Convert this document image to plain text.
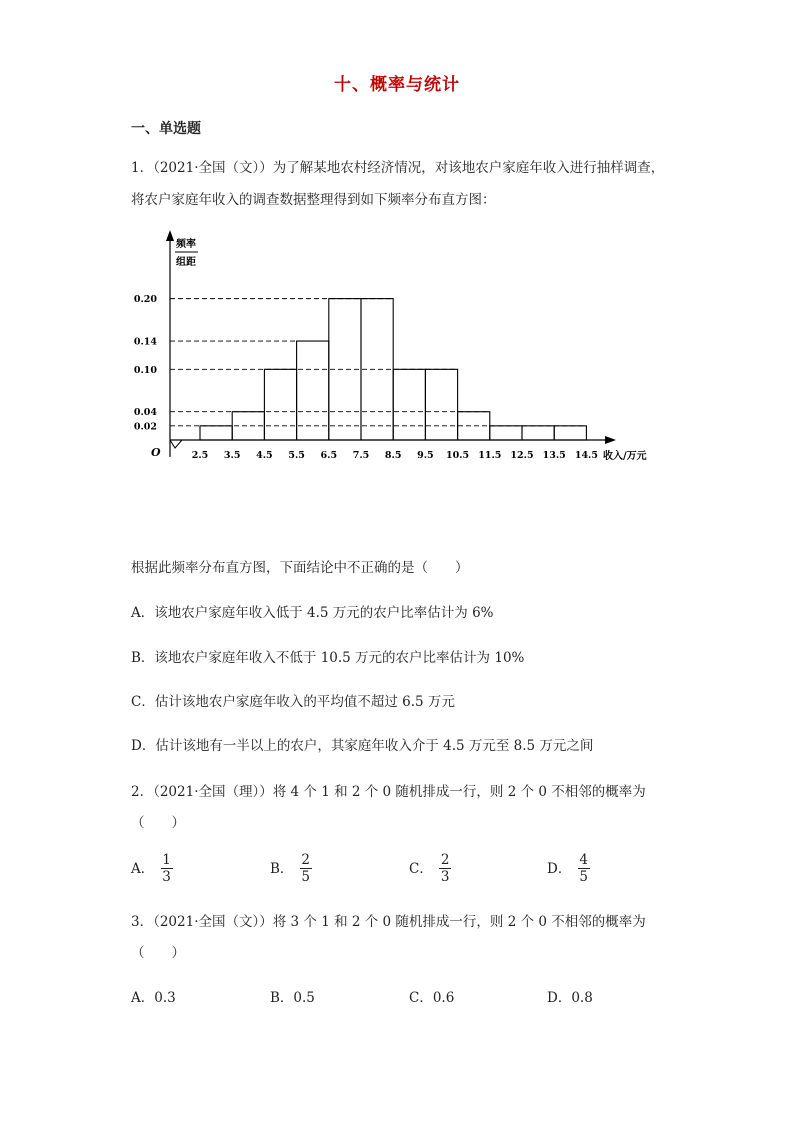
十、概率与统计
一、单选题
1．（2021·全国（文））为了解某地农村经济情况，对该地农户家庭年收入进行抽样调查，
将农户家庭年收入的调查数据整理得到如下频率分布直方图：
频率
组距
O	收入/万元
0.20
0.14
0.10
0.04
0.02
2.5 3.5 4.5 5.5 6.5 7.5 8.5 9.5 10.5 11.5 12.5 13.5 14.5
根据此频率分布直方图，下面结论中不正确的是（　　）
A．该地农户家庭年收入低于 4.5 万元的农户比率估计为 6%
B．该地农户家庭年收入不低于 10.5 万元的农户比率估计为 10%
C．估计该地农户家庭年收入的平均值不超过 6.5 万元
D．估计该地有一半以上的农户，其家庭年收入介于 4.5 万元至 8.5 万元之间
2．（2021·全国（理））将 4 个 1 和 2 个 0 随机排成一行，则 2 个 0 不相邻的概率为
（　　）
A． $\frac{1}{3}$	B． $\frac{2}{5}$	C． $\frac{2}{3}$	D． $\frac{4}{5}$
3．（2021·全国（文））将 3 个 1 和 2 个 0 随机排成一行，则 2 个 0 不相邻的概率为
（　　）
A．0.3	B．0.5	C．0.6	D．0.8
